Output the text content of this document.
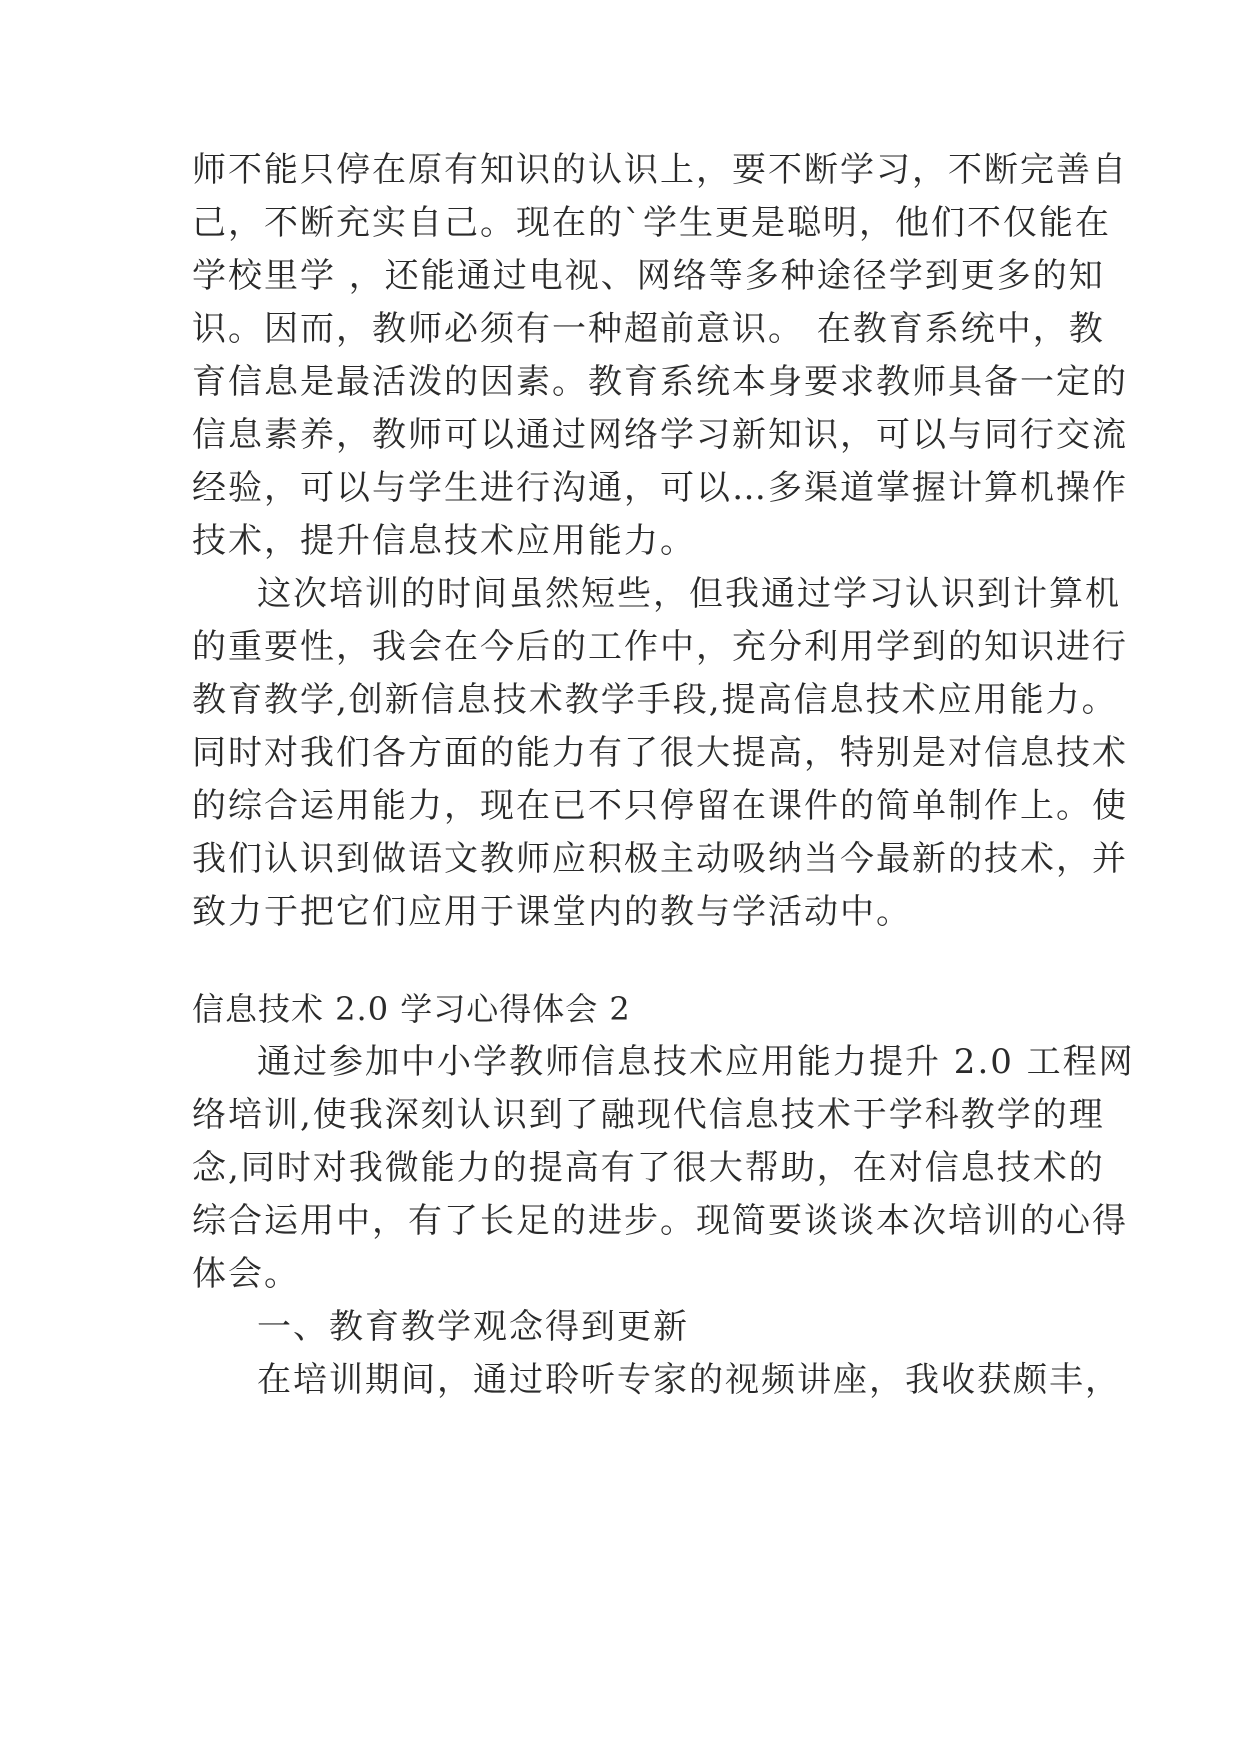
师不能只停在原有知识的认识上，要不断学习，不断完善自
己，不断充实自己。现在的`学生更是聪明，他们不仅能在
学校里学 ，还能通过电视、网络等多种途径学到更多的知
识。因而，教师必须有一种超前意识。 在教育系统中，教
育信息是最活泼的因素。教育系统本身要求教师具备一定的
信息素养，教师可以通过网络学习新知识，可以与同行交流
经验，可以与学生进行沟通，可以…多渠道掌握计算机操作
技术，提升信息技术应用能力。
这次培训的时间虽然短些，但我通过学习认识到计算机
的重要性，我会在今后的工作中，充分利用学到的知识进行
教育教学,创新信息技术教学手段,提高信息技术应用能力。
同时对我们各方面的能力有了很大提高，特别是对信息技术
的综合运用能力，现在已不只停留在课件的简单制作上。使
我们认识到做语文教师应积极主动吸纳当今最新的技术，并
致力于把它们应用于课堂内的教与学活动中。
信息技术 2.0 学习心得体会 2
通过参加中小学教师信息技术应用能力提升 2.0 工程网
络培训,使我深刻认识到了融现代信息技术于学科教学的理
念,同时对我微能力的提高有了很大帮助，在对信息技术的
综合运用中，有了长足的进步。现简要谈谈本次培训的心得
体会。
一、教育教学观念得到更新
在培训期间，通过聆听专家的视频讲座，我收获颇丰，
